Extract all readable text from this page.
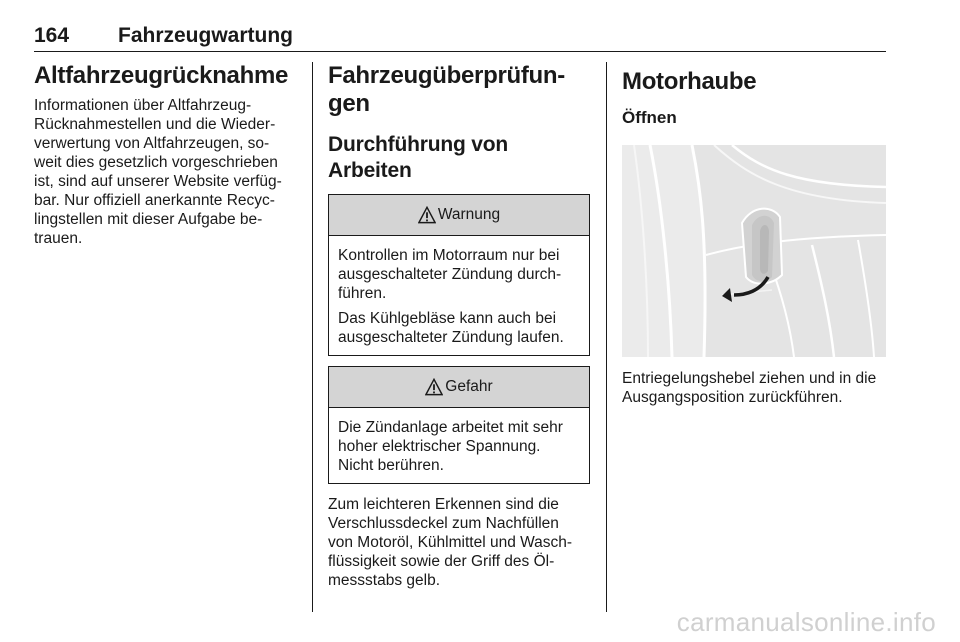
164 Fahrzeugwartung
Altfahrzeugrücknahme

Informationen über Altfahrzeug-
Rücknahmestellen und die Wieder-
verwertung von Altfahrzeugen, so-
weit dies gesetzlich vorgeschrieben
ist, sind auf unserer Website verfüg-
bar. Nur offiziell anerkannte Recyc-
lingstellen mit dieser Aufgabe be-
trauen.

Fahrzeugüberprüfun-
gen
Durchführung von Arbeiten
Warnung

Kontrollen im Motorraum nur bei
ausgeschalteter Zündung durch-
führen.

Das Kühlgebläse kann auch bei
ausgeschalteter Zündung laufen.

Gefahr

Die Zündanlage arbeitet mit sehr
hoher elektrischer Spannung.
Nicht berühren.

Zum leichteren Erkennen sind die
Verschlussdeckel zum Nachfüllen
von Motoröl, Kühlmittel und Wasch-
flüssigkeit sowie der Griff des Öl-
messstabs gelb.

Motorhaube
Öffnen

Entriegelungshebel ziehen und in die
Ausgangsposition zurückführen.

carmanualsonline.info
